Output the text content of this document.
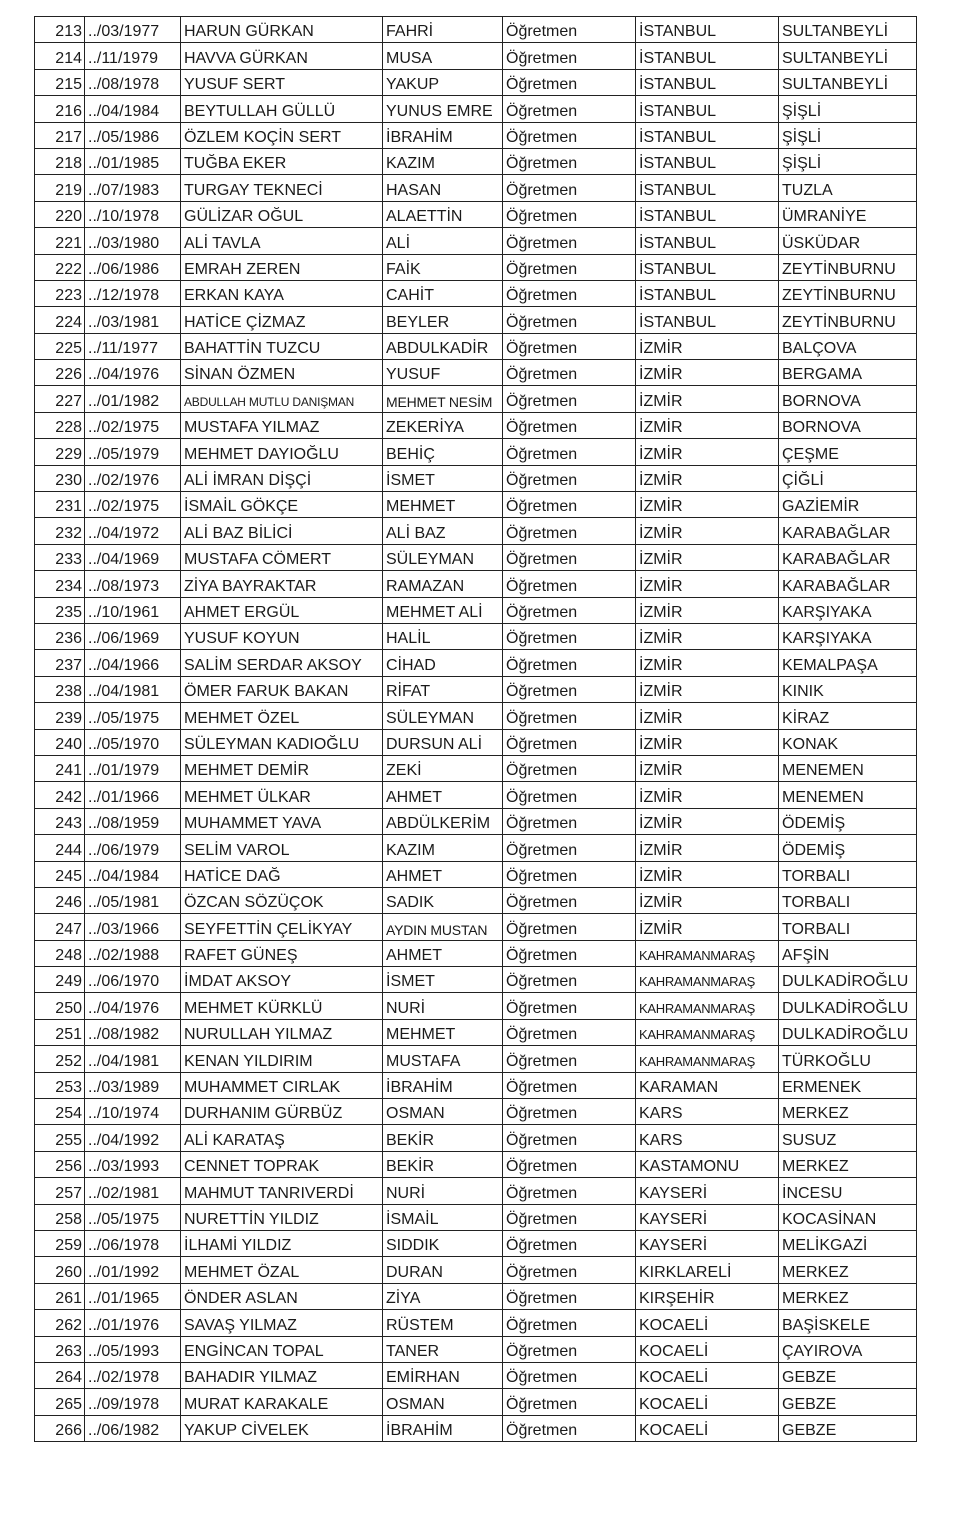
213	../03/1977	HARUN GÜRKAN	FAHRİ	Öğretmen	İSTANBUL	SULTANBEYLİ
214	../11/1979	HAVVA GÜRKAN	MUSA	Öğretmen	İSTANBUL	SULTANBEYLİ
215	../08/1978	YUSUF SERT	YAKUP	Öğretmen	İSTANBUL	SULTANBEYLİ
216	../04/1984	BEYTULLAH GÜLLÜ	YUNUS EMRE	Öğretmen	İSTANBUL	ŞİŞLİ
217	../05/1986	ÖZLEM KOÇİN SERT	İBRAHİM	Öğretmen	İSTANBUL	ŞİŞLİ
218	../01/1985	TUĞBA EKER	KAZIM	Öğretmen	İSTANBUL	ŞİŞLİ
219	../07/1983	TURGAY TEKNECİ	HASAN	Öğretmen	İSTANBUL	TUZLA
220	../10/1978	GÜLİZAR OĞUL	ALAETTİN	Öğretmen	İSTANBUL	ÜMRANİYE
221	../03/1980	ALİ TAVLA	ALİ	Öğretmen	İSTANBUL	ÜSKÜDAR
222	../06/1986	EMRAH ZEREN	FAİK	Öğretmen	İSTANBUL	ZEYTİNBURNU
223	../12/1978	ERKAN KAYA	CAHİT	Öğretmen	İSTANBUL	ZEYTİNBURNU
224	../03/1981	HATİCE ÇİZMAZ	BEYLER	Öğretmen	İSTANBUL	ZEYTİNBURNU
225	../11/1977	BAHATTİN TUZCU	ABDULKADİR	Öğretmen	İZMİR	BALÇOVA
226	../04/1976	SİNAN ÖZMEN	YUSUF	Öğretmen	İZMİR	BERGAMA
227	../01/1982	ABDULLAH MUTLU DANIŞMAN	MEHMET NESİM	Öğretmen	İZMİR	BORNOVA
228	../02/1975	MUSTAFA YILMAZ	ZEKERİYA	Öğretmen	İZMİR	BORNOVA
229	../05/1979	MEHMET DAYIOĞLU	BEHİÇ	Öğretmen	İZMİR	ÇEŞME
230	../02/1976	ALİ İMRAN DİŞÇİ	İSMET	Öğretmen	İZMİR	ÇİĞLİ
231	../02/1975	İSMAİL GÖKÇE	MEHMET	Öğretmen	İZMİR	GAZİEMİR
232	../04/1972	ALİ BAZ BİLİCİ	ALİ BAZ	Öğretmen	İZMİR	KARABAĞLAR
233	../04/1969	MUSTAFA CÖMERT	SÜLEYMAN	Öğretmen	İZMİR	KARABAĞLAR
234	../08/1973	ZİYA BAYRAKTAR	RAMAZAN	Öğretmen	İZMİR	KARABAĞLAR
235	../10/1961	AHMET ERGÜL	MEHMET ALİ	Öğretmen	İZMİR	KARŞIYAKA
236	../06/1969	YUSUF KOYUN	HALİL	Öğretmen	İZMİR	KARŞIYAKA
237	../04/1966	SALİM SERDAR AKSOY	CİHAD	Öğretmen	İZMİR	KEMALPAŞA
238	../04/1981	ÖMER FARUK BAKAN	RİFAT	Öğretmen	İZMİR	KINIK
239	../05/1975	MEHMET ÖZEL	SÜLEYMAN	Öğretmen	İZMİR	KİRAZ
240	../05/1970	SÜLEYMAN KADIOĞLU	DURSUN ALİ	Öğretmen	İZMİR	KONAK
241	../01/1979	MEHMET DEMİR	ZEKİ	Öğretmen	İZMİR	MENEMEN
242	../01/1966	MEHMET ÜLKAR	AHMET	Öğretmen	İZMİR	MENEMEN
243	../08/1959	MUHAMMET YAVA	ABDÜLKERİM	Öğretmen	İZMİR	ÖDEMİŞ
244	../06/1979	SELİM VAROL	KAZIM	Öğretmen	İZMİR	ÖDEMİŞ
245	../04/1984	HATİCE DAĞ	AHMET	Öğretmen	İZMİR	TORBALI
246	../05/1981	ÖZCAN SÖZÜÇOK	SADIK	Öğretmen	İZMİR	TORBALI
247	../03/1966	SEYFETTİN ÇELİKYAY	AYDIN MUSTAN	Öğretmen	İZMİR	TORBALI
248	../02/1988	RAFET GÜNEŞ	AHMET	Öğretmen	KAHRAMANMARAŞ	AFŞİN
249	../06/1970	İMDAT AKSOY	İSMET	Öğretmen	KAHRAMANMARAŞ	DULKADİROĞLU
250	../04/1976	MEHMET KÜRKLÜ	NURİ	Öğretmen	KAHRAMANMARAŞ	DULKADİROĞLU
251	../08/1982	NURULLAH YILMAZ	MEHMET	Öğretmen	KAHRAMANMARAŞ	DULKADİROĞLU
252	../04/1981	KENAN YILDIRIM	MUSTAFA	Öğretmen	KAHRAMANMARAŞ	TÜRKOĞLU
253	../03/1989	MUHAMMET CIRLAK	İBRAHİM	Öğretmen	KARAMAN	ERMENEK
254	../10/1974	DURHANIM GÜRBÜZ	OSMAN	Öğretmen	KARS	MERKEZ
255	../04/1992	ALİ KARATAŞ	BEKİR	Öğretmen	KARS	SUSUZ
256	../03/1993	CENNET TOPRAK	BEKİR	Öğretmen	KASTAMONU	MERKEZ
257	../02/1981	MAHMUT TANRIVERDİ	NURİ	Öğretmen	KAYSERİ	İNCESU
258	../05/1975	NURETTİN YILDIZ	İSMAİL	Öğretmen	KAYSERİ	KOCASİNAN
259	../06/1978	İLHAMİ YILDIZ	SIDDIK	Öğretmen	KAYSERİ	MELİKGAZİ
260	../01/1992	MEHMET ÖZAL	DURAN	Öğretmen	KIRKLARELİ	MERKEZ
261	../01/1965	ÖNDER ASLAN	ZİYA	Öğretmen	KIRŞEHİR	MERKEZ
262	../01/1976	SAVAŞ YILMAZ	RÜSTEM	Öğretmen	KOCAELİ	BAŞİSKELE
263	../05/1993	ENGİNCAN TOPAL	TANER	Öğretmen	KOCAELİ	ÇAYIROVA
264	../02/1978	BAHADIR YILMAZ	EMİRHAN	Öğretmen	KOCAELİ	GEBZE
265	../09/1978	MURAT KARAKALE	OSMAN	Öğretmen	KOCAELİ	GEBZE
266	../06/1982	YAKUP CİVELEK	İBRAHİM	Öğretmen	KOCAELİ	GEBZE
